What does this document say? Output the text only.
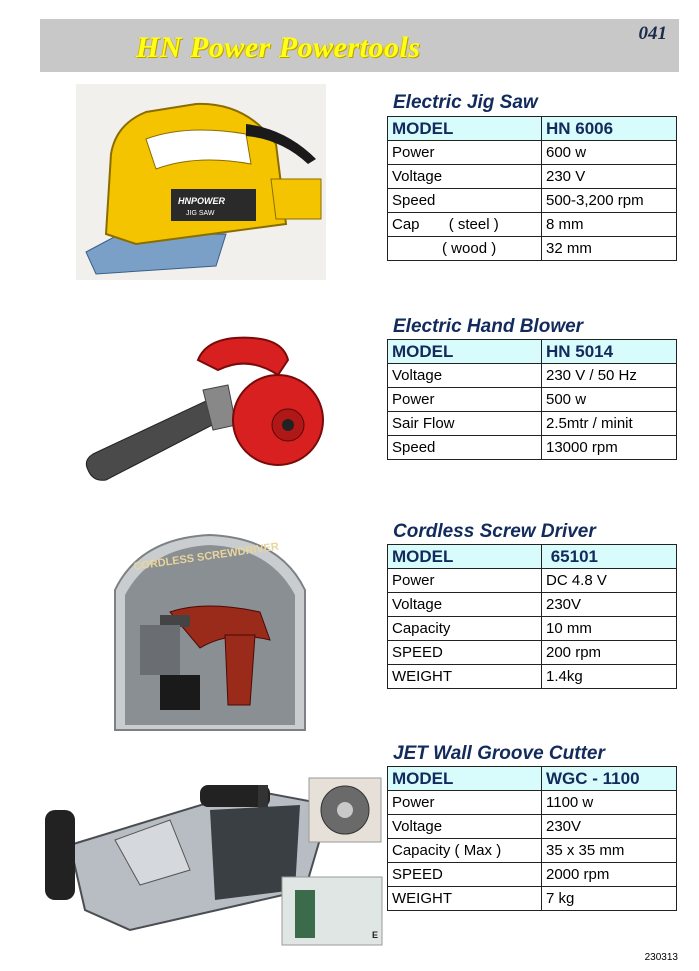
HN Power Powertools	041
HNPOWER
JIG SAW
Electric Jig Saw
MODEL	HN 6006
Power	600 w
Voltage	230 V
Speed	500-3,200 rpm
Cap       ( steel )	8 mm
( wood )	32 mm
Electric Hand Blower
MODEL	HN 5014
Voltage	230 V / 50 Hz
Power	500 w
Sair Flow	2.5mtr / minit
Speed	13000 rpm
CORDLESS SCREWDRIVER
Cordless Screw Driver
MODEL	65101
Power	DC 4.8 V
Voltage	230V
Capacity	10 mm
SPEED	200 rpm
WEIGHT	1.4kg
E
JET Wall Groove Cutter
MODEL	WGC - 1100
Power	1100 w
Voltage	230V
Capacity ( Max )	35 x 35 mm
SPEED	2000 rpm
WEIGHT	7 kg
230313
